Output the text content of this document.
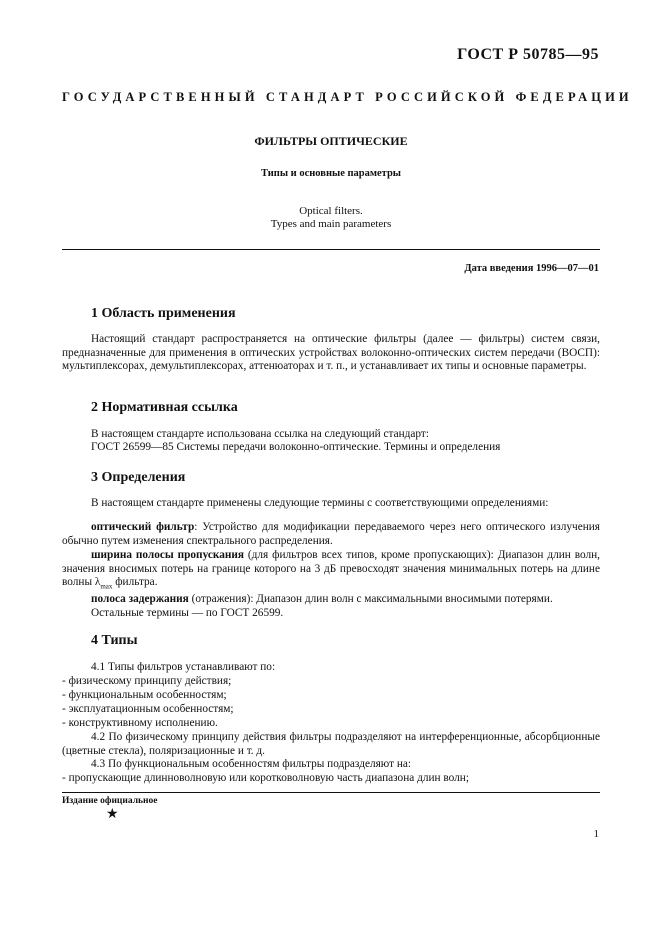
ГОСТ Р 50785—95
ГОСУДАРСТВЕННЫЙ СТАНДАРТ РОССИЙСКОЙ ФЕДЕРАЦИИ
ФИЛЬТРЫ ОПТИЧЕСКИЕ
Типы и основные параметры
Optical filters.
Types and main parameters
Дата введения 1996—07—01
1 Область применения
Настоящий стандарт распространяется на оптические фильтры (далее — фильтры) систем связи, предназначенные для применения в оптических устройствах волоконно-оптических систем передачи (ВОСП): мультиплексорах, демультиплексорах, аттенюаторах и т. п., и устанавливает их типы и основные параметры.
2 Нормативная ссылка
В настоящем стандарте использована ссылка на следующий стандарт:
ГОСТ 26599—85 Системы передачи волоконно-оптические. Термины и определения
3 Определения
В настоящем стандарте применены следующие термины с соответствующими определениями:
оптический фильтр: Устройство для модификации передаваемого через него оптического излучения обычно путем изменения спектрального распределения.
ширина полосы пропускания (для фильтров всех типов, кроме пропускающих): Диапазон длин волн, значения вносимых потерь на границе которого на 3 дБ превосходят значения минимальных потерь на длине волны $\lambda_{max}$ фильтра.
полоса задержания (отражения): Диапазон длин волн с максимальными вносимыми потерями.
Остальные термины — по ГОСТ 26599.
4 Типы
4.1 Типы фильтров устанавливают по:
- физическому принципу действия;
- функциональным особенностям;
- эксплуатационным особенностям;
- конструктивному исполнению.
4.2 По физическому принципу действия фильтры подразделяют на интерференционные, абсорбционные (цветные стекла), поляризационные и т. д.
4.3 По функциональным особенностям фильтры подразделяют на:
- пропускающие длинноволновую или коротковолновую часть диапазона длин волн;
Издание официальное
★
1
